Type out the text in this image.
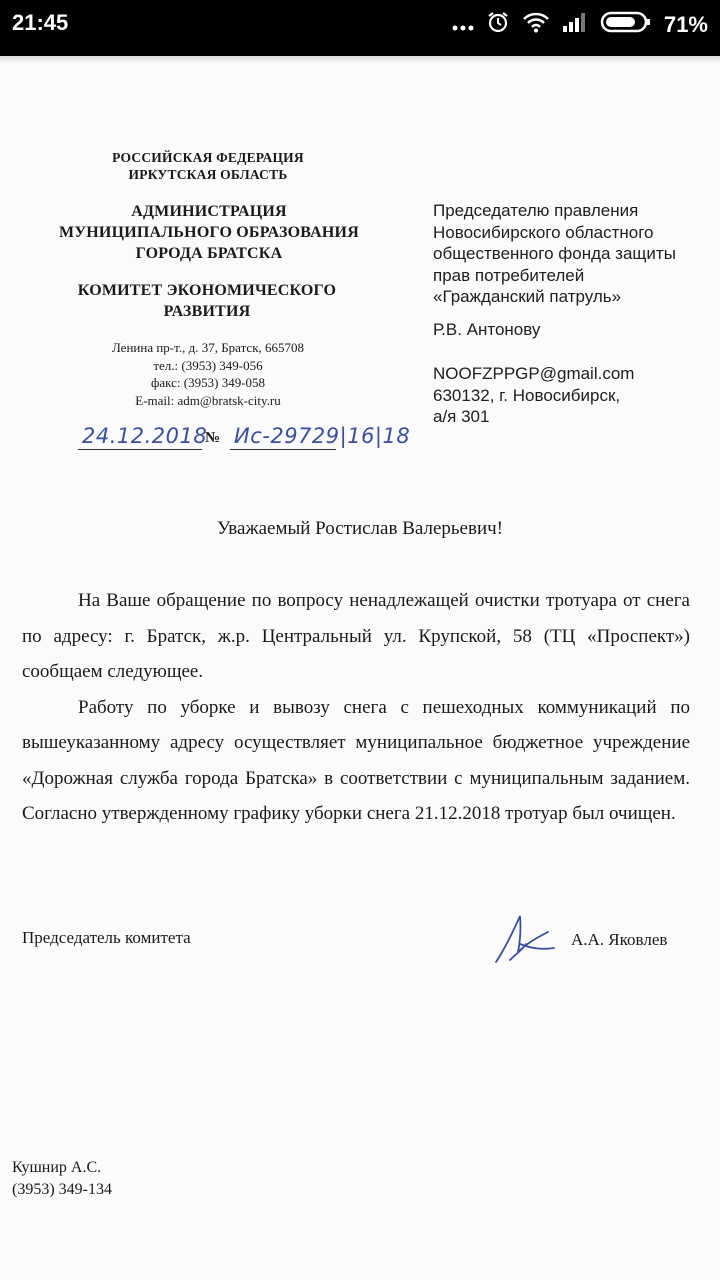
21:45	71%
РОССИЙСКАЯ ФЕДЕРАЦИЯ
ИРКУТСКАЯ ОБЛАСТЬ
АДМИНИСТРАЦИЯ
МУНИЦИПАЛЬНОГО ОБРАЗОВАНИЯ
ГОРОДА БРАТСКА
КОМИТЕТ ЭКОНОМИЧЕСКОГО
РАЗВИТИЯ
Ленина пр-т., д. 37, Братск, 665708
тел.: (3953) 349-056
факс: (3953) 349-058
E-mail: adm@bratsk-city.ru
24.12.2018
№ Ис-29729|16|18
Председателю правления
Новосибирского областного
общественного фонда защиты
прав потребителей
«Гражданский патруль»
Р.В. Антонову
NOOFZPPGP@gmail.com
630132, г. Новосибирск,
а/я 301
Уважаемый Ростислав Валерьевич!

На Ваше обращение по вопросу ненадлежащей очистки тротуара от снега по адресу: г. Братск, ж.р. Центральный ул. Крупской, 58 (ТЦ «Проспект») сообщаем следующее.

Работу по уборке и вывозу снега с пешеходных коммуникаций по вышеуказанному адресу осуществляет муниципальное бюджетное учреждение «Дорожная служба города Братска» в соответствии с муниципальным заданием. Согласно утвержденному графику уборки снега 21.12.2018 тротуар был очищен.

Председатель комитета	А.А. Яковлев
Кушнир А.С.
(3953) 349-134
